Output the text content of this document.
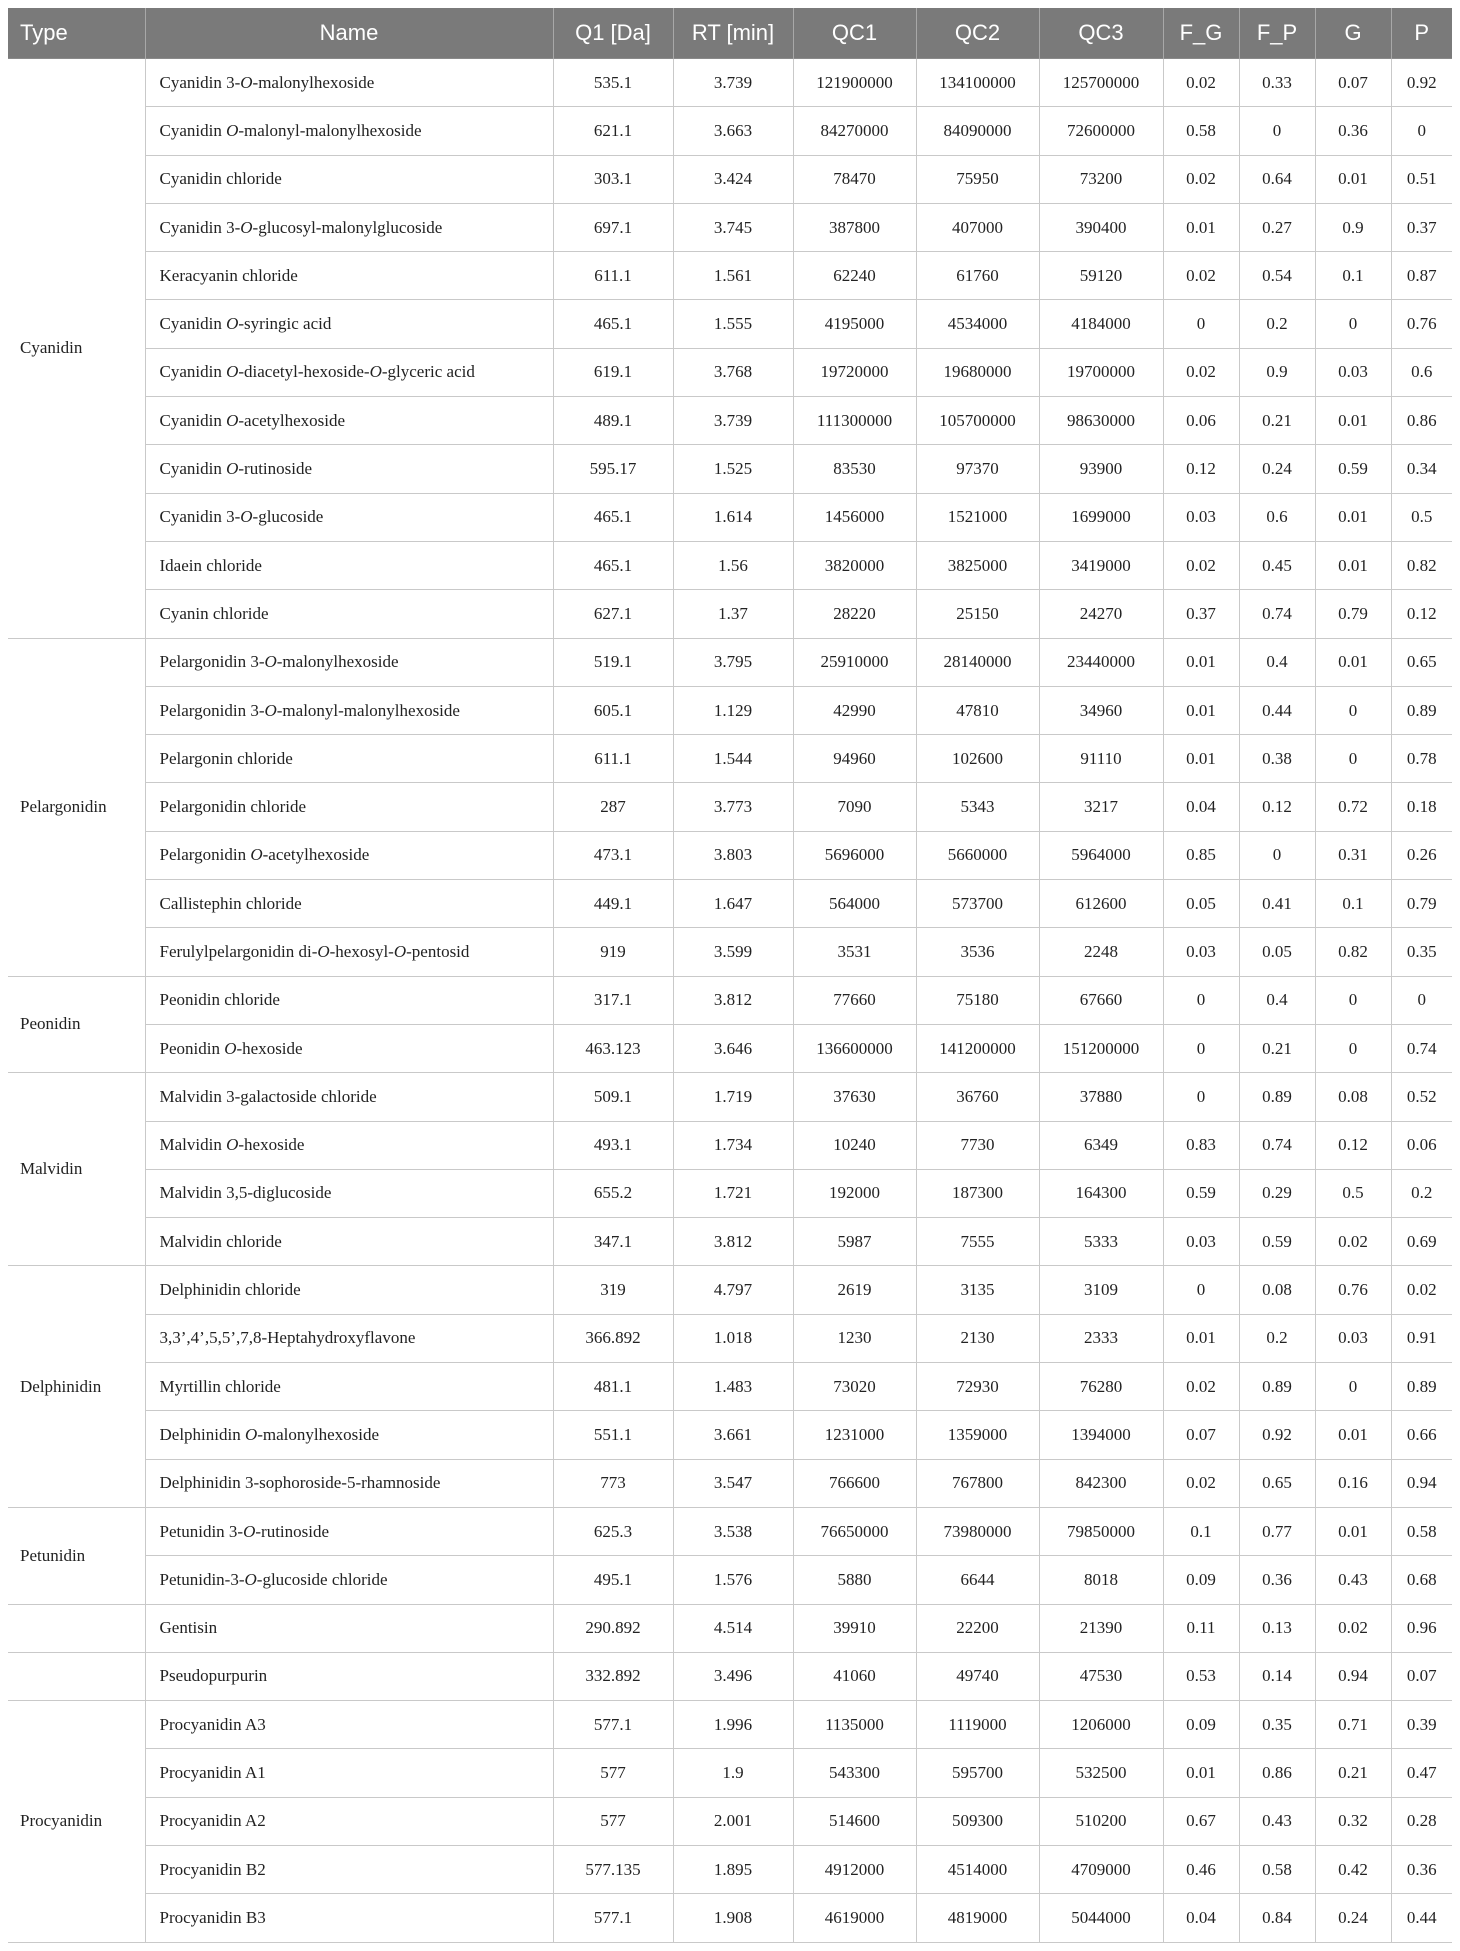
Type	Name	Q1 [Da]	RT [min]	QC1	QC2	QC3	F_G	F_P	G	P
Cyanidin	Cyanidin 3-O-malonylhexoside	535.1	3.739	121900000	134100000	125700000	0.02	0.33	0.07	0.92
	Cyanidin O-malonyl-malonylhexoside	621.1	3.663	84270000	84090000	72600000	0.58	0	0.36	0
	Cyanidin chloride	303.1	3.424	78470	75950	73200	0.02	0.64	0.01	0.51
	Cyanidin 3-O-glucosyl-malonylglucoside	697.1	3.745	387800	407000	390400	0.01	0.27	0.9	0.37
	Keracyanin chloride	611.1	1.561	62240	61760	59120	0.02	0.54	0.1	0.87
	Cyanidin O-syringic acid	465.1	1.555	4195000	4534000	4184000	0	0.2	0	0.76
	Cyanidin O-diacetyl-hexoside-O-glyceric acid	619.1	3.768	19720000	19680000	19700000	0.02	0.9	0.03	0.6
	Cyanidin O-acetylhexoside	489.1	3.739	111300000	105700000	98630000	0.06	0.21	0.01	0.86
	Cyanidin O-rutinoside	595.17	1.525	83530	97370	93900	0.12	0.24	0.59	0.34
	Cyanidin 3-O-glucoside	465.1	1.614	1456000	1521000	1699000	0.03	0.6	0.01	0.5
	Idaein chloride	465.1	1.56	3820000	3825000	3419000	0.02	0.45	0.01	0.82
	Cyanin chloride	627.1	1.37	28220	25150	24270	0.37	0.74	0.79	0.12
Pelargonidin	Pelargonidin 3-O-malonylhexoside	519.1	3.795	25910000	28140000	23440000	0.01	0.4	0.01	0.65
	Pelargonidin 3-O-malonyl-malonylhexoside	605.1	1.129	42990	47810	34960	0.01	0.44	0	0.89
	Pelargonin chloride	611.1	1.544	94960	102600	91110	0.01	0.38	0	0.78
	Pelargonidin chloride	287	3.773	7090	5343	3217	0.04	0.12	0.72	0.18
	Pelargonidin O-acetylhexoside	473.1	3.803	5696000	5660000	5964000	0.85	0	0.31	0.26
	Callistephin chloride	449.1	1.647	564000	573700	612600	0.05	0.41	0.1	0.79
	Ferulylpelargonidin di-O-hexosyl-O-pentosid	919	3.599	3531	3536	2248	0.03	0.05	0.82	0.35
Peonidin	Peonidin chloride	317.1	3.812	77660	75180	67660	0	0.4	0	0
	Peonidin O-hexoside	463.123	3.646	136600000	141200000	151200000	0	0.21	0	0.74
Malvidin	Malvidin 3-galactoside chloride	509.1	1.719	37630	36760	37880	0	0.89	0.08	0.52
	Malvidin O-hexoside	493.1	1.734	10240	7730	6349	0.83	0.74	0.12	0.06
	Malvidin 3,5-diglucoside	655.2	1.721	192000	187300	164300	0.59	0.29	0.5	0.2
	Malvidin chloride	347.1	3.812	5987	7555	5333	0.03	0.59	0.02	0.69
Delphinidin	Delphinidin chloride	319	4.797	2619	3135	3109	0	0.08	0.76	0.02
	3,3’,4’,5,5’,7,8-Heptahydroxyflavone	366.892	1.018	1230	2130	2333	0.01	0.2	0.03	0.91
	Myrtillin chloride	481.1	1.483	73020	72930	76280	0.02	0.89	0	0.89
	Delphinidin O-malonylhexoside	551.1	3.661	1231000	1359000	1394000	0.07	0.92	0.01	0.66
	Delphinidin 3-sophoroside-5-rhamnoside	773	3.547	766600	767800	842300	0.02	0.65	0.16	0.94
Petunidin	Petunidin 3-O-rutinoside	625.3	3.538	76650000	73980000	79850000	0.1	0.77	0.01	0.58
	Petunidin-3-O-glucoside chloride	495.1	1.576	5880	6644	8018	0.09	0.36	0.43	0.68
	Gentisin	290.892	4.514	39910	22200	21390	0.11	0.13	0.02	0.96
	Pseudopurpurin	332.892	3.496	41060	49740	47530	0.53	0.14	0.94	0.07
Procyanidin	Procyanidin A3	577.1	1.996	1135000	1119000	1206000	0.09	0.35	0.71	0.39
	Procyanidin A1	577	1.9	543300	595700	532500	0.01	0.86	0.21	0.47
	Procyanidin A2	577	2.001	514600	509300	510200	0.67	0.43	0.32	0.28
	Procyanidin B2	577.135	1.895	4912000	4514000	4709000	0.46	0.58	0.42	0.36
	Procyanidin B3	577.1	1.908	4619000	4819000	5044000	0.04	0.84	0.24	0.44
